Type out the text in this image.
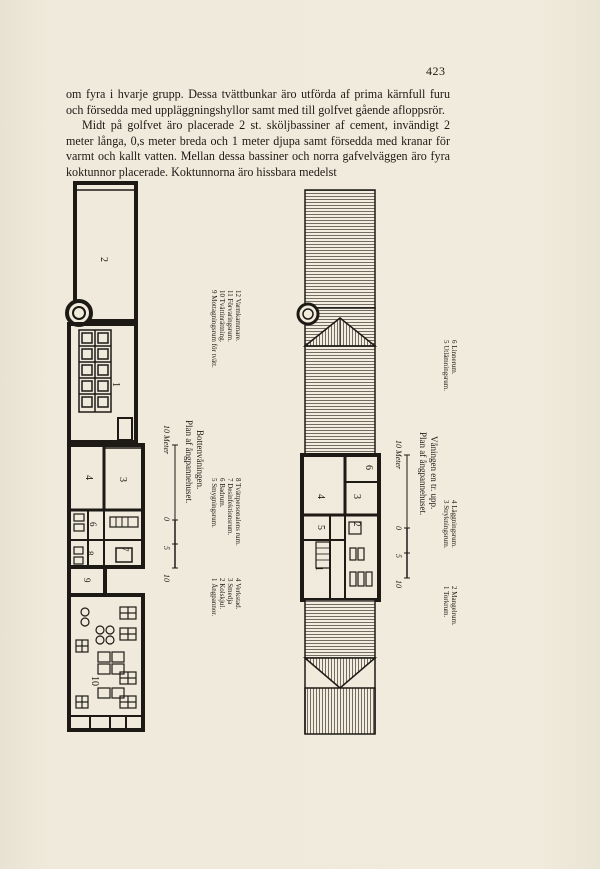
423

om fyra i hvarje grupp. Dessa tvättbunkar äro utförda af prima kärnfull furu och försedda med uppläggningshyllor samt med till golfvet gående afloppsrör.

Midt på golfvet äro placerade 2 st. sköljbassiner af cement, invändigt 2 meter långa, 0,s meter breda och 1 meter djupa samt försedda med kranar för varmt och kallt vatten. Mellan dessa bassiner och norra gafvelväggen äro fyra koktunnor placerade. Koktunnorna äro hissbara medelst

2
1
4 3
6
8
7
9
10
10
5
0
10 Meter Plan af ångpannehuset. Bottenvåningen.
1 Ångpannor. 2 Kolskjul. 3 Smedja 4 Verkstad.
5 Smygningsrum. 6 Badrum. 7 Desinfektionsrum. 8 Tvättpersonalens rum.
9 Mottagningsrum för tvätt. 10 Tvättinrättning. 11 Förvaringsrum. 12 Varmkammare.
6
4	3
5
2
1
10
5
0
10 Meter Plan af ångpannehuset. Våningen en tr. upp.
1 Torkrum. 2 Mangelrum.
3 Strykningsrum. 4 Läggningsrum.
5 Utlämningsrum. 6 Linnerum.
